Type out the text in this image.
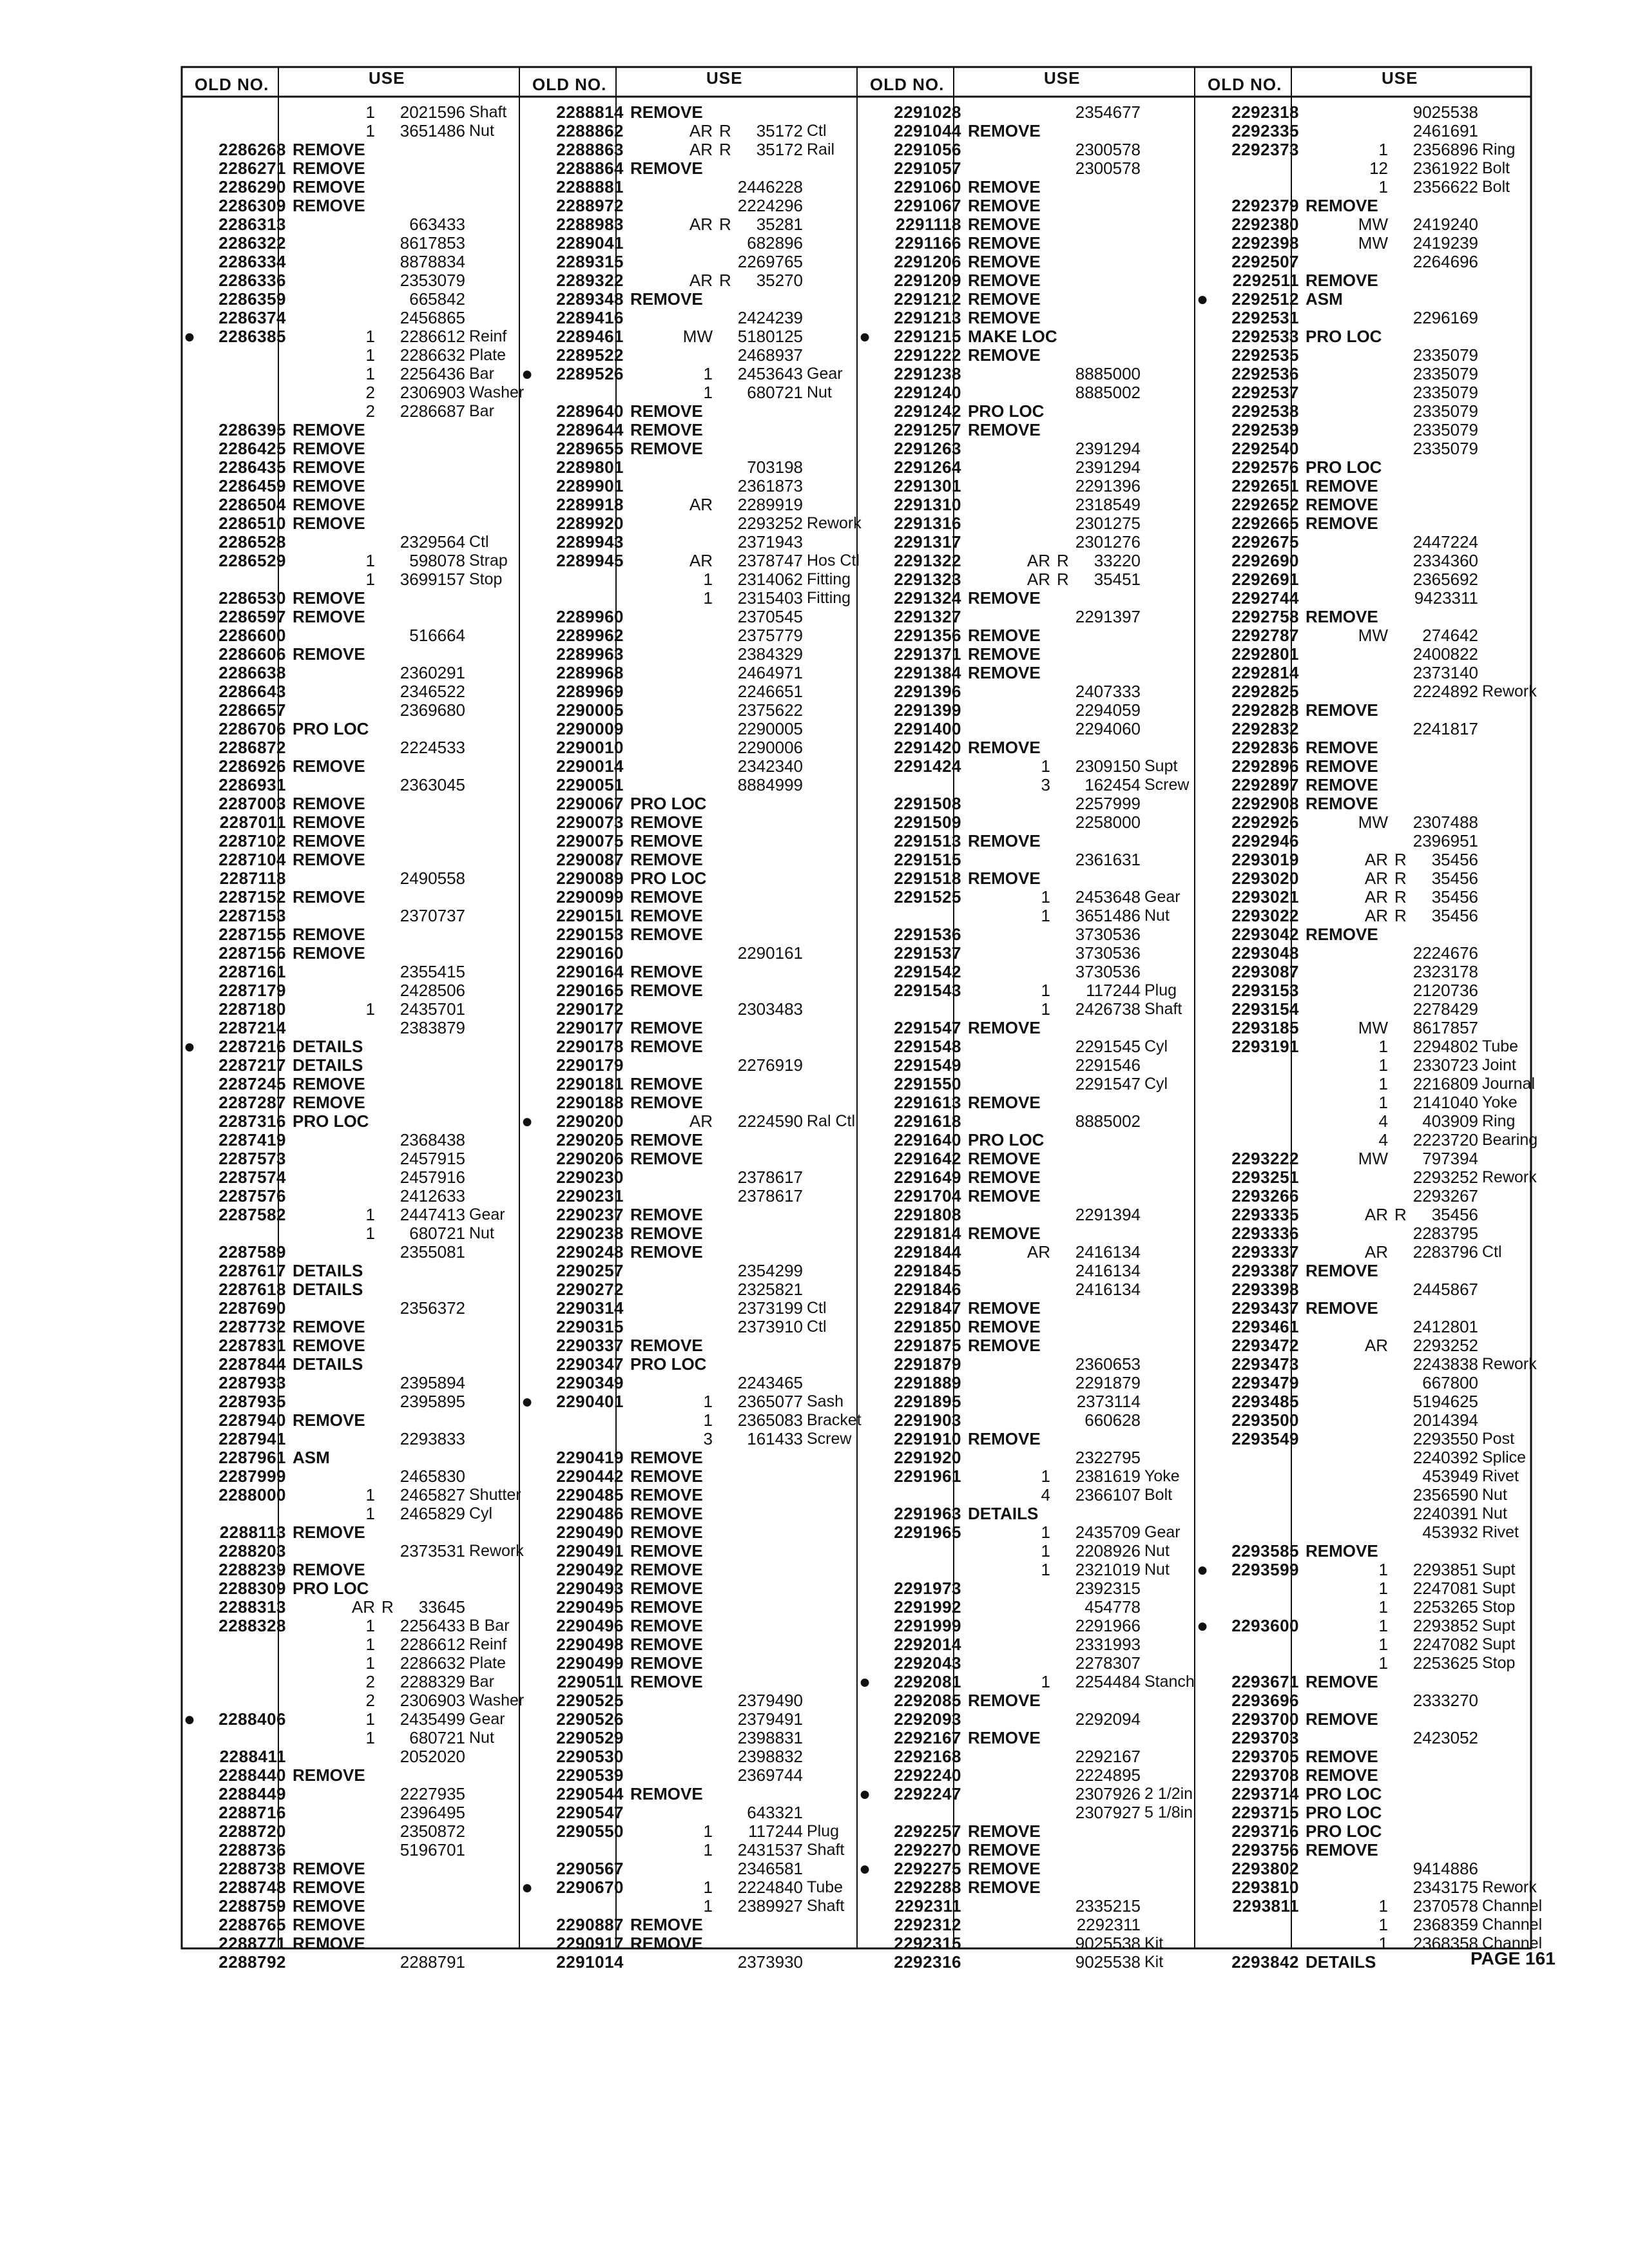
OLD NO.	USE
1	2021596 Shaft
1	3651486 Nut
2286268 REMOVE
2286271 REMOVE
2286290 REMOVE
2286309 REMOVE
2286313	663433
2286322	8617853
2286334	8878834
2286336	2353079
2286359	665842
2286374	2456865
●	2286385	1	2286612 Reinf
1	2286632 Plate
1	2256436 Bar
2	2306903 Washer
2	2286687 Bar
2286395 REMOVE
2286425 REMOVE
2286435 REMOVE
2286459 REMOVE
2286504 REMOVE
2286510 REMOVE
2286528	2329564 Ctl
2286529	1	598078 Strap
1	3699157 Stop
2286530 REMOVE
2286597 REMOVE
2286600	516664
2286606 REMOVE
2286638	2360291
2286643	2346522
2286657	2369680
2286706 PRO LOC
2286872	2224533
2286926 REMOVE
2286931	2363045
2287003 REMOVE
2287011 REMOVE
2287102 REMOVE
2287104 REMOVE
2287118	2490558
2287152 REMOVE
2287153	2370737
2287155 REMOVE
2287156 REMOVE
2287161	2355415
2287179	2428506
2287180	1	2435701
2287214	2383879
●	2287216 DETAILS
2287217 DETAILS
2287245 REMOVE
2287287 REMOVE
2287316 PRO LOC
2287419	2368438
2287573	2457915
2287574	2457916
2287576	2412633
2287582	1	2447413 Gear
1	680721 Nut
2287589	2355081
2287617 DETAILS
2287618 DETAILS
2287690	2356372
2287732 REMOVE
2287831 REMOVE
2287844 DETAILS
2287933	2395894
2287935	2395895
2287940 REMOVE
2287941	2293833
2287961 ASM
2287999	2465830
2288000	1	2465827 Shutter
1	2465829 Cyl
2288113 REMOVE
2288203	2373531 Rework
2288239 REMOVE
2288309 PRO LOC
2288313	AR R	33645
2288328	1	2256433 B Bar
1	2286612 Reinf
1	2286632 Plate
2	2288329 Bar
2	2306903 Washer
●	2288406	1	2435499 Gear
1	680721 Nut
2288411	2052020
2288440 REMOVE
2288449	2227935
2288716	2396495
2288720	2350872
2288736	5196701
2288738 REMOVE
2288748 REMOVE
2288759 REMOVE
2288765 REMOVE
2288771 REMOVE
2288792	2288791
OLD NO.	USE
2288814 REMOVE
2288862	AR R	35172 Ctl
2288863	AR R	35172 Rail
2288864 REMOVE
2288881	2446228
2288972	2224296
2288983	AR R	35281
2289041	682896
2289315	2269765
2289322	AR R	35270
2289348 REMOVE
2289416	2424239
2289461	MW	5180125
2289522	2468937
●	2289526	1	2453643 Gear
1	680721 Nut
2289640 REMOVE
2289644 REMOVE
2289655 REMOVE
2289801	703198
2289901	2361873
2289918	AR	2289919
2289920	2293252 Rework
2289943	2371943
2289945	AR	2378747 Hos Ctl
1	2314062 Fitting
1	2315403 Fitting
2289960	2370545
2289962	2375779
2289963	2384329
2289968	2464971
2289969	2246651
2290005	2375622
2290009	2290005
2290010	2290006
2290014	2342340
2290051	8884999
2290067 PRO LOC
2290073 REMOVE
2290075 REMOVE
2290087 REMOVE
2290089 PRO LOC
2290099 REMOVE
2290151 REMOVE
2290153 REMOVE
2290160	2290161
2290164 REMOVE
2290165 REMOVE
2290172	2303483
2290177 REMOVE
2290178 REMOVE
2290179	2276919
2290181 REMOVE
2290188 REMOVE
●	2290200	AR	2224590 Ral Ctl
2290205 REMOVE
2290206 REMOVE
2290230	2378617
2290231	2378617
2290237 REMOVE
2290238 REMOVE
2290248 REMOVE
2290257	2354299
2290272	2325821
2290314	2373199 Ctl
2290315	2373910 Ctl
2290337 REMOVE
2290347 PRO LOC
2290349	2243465
●	2290401	1	2365077 Sash
1	2365083 Bracket
3	161433 Screw
2290419 REMOVE
2290442 REMOVE
2290485 REMOVE
2290486 REMOVE
2290490 REMOVE
2290491 REMOVE
2290492 REMOVE
2290493 REMOVE
2290495 REMOVE
2290496 REMOVE
2290498 REMOVE
2290499 REMOVE
2290511 REMOVE
2290525	2379490
2290526	2379491
2290529	2398831
2290530	2398832
2290539	2369744
2290544 REMOVE
2290547	643321
2290550	1	117244 Plug
1	2431537 Shaft
2290567	2346581
●	2290670	1	2224840 Tube
1	2389927 Shaft
2290887 REMOVE
2290917 REMOVE
2291014	2373930
OLD NO.	USE
2291028	2354677
2291044 REMOVE
2291056	2300578
2291057	2300578
2291060 REMOVE
2291067 REMOVE
2291118 REMOVE
2291166 REMOVE
2291206 REMOVE
2291209 REMOVE
2291212 REMOVE
2291213 REMOVE
●	2291215 MAKE LOC
2291222 REMOVE
2291238	8885000
2291240	8885002
2291242 PRO LOC
2291257 REMOVE
2291263	2391294
2291264	2391294
2291301	2291396
2291310	2318549
2291316	2301275
2291317	2301276
2291322	AR R	33220
2291323	AR R	35451
2291324 REMOVE
2291327	2291397
2291356 REMOVE
2291371 REMOVE
2291384 REMOVE
2291396	2407333
2291399	2294059
2291400	2294060
2291420 REMOVE
2291424	1	2309150 Supt
3	162454 Screw
2291508	2257999
2291509	2258000
2291513 REMOVE
2291515	2361631
2291518 REMOVE
2291525	1	2453648 Gear
1	3651486 Nut
2291536	3730536
2291537	3730536
2291542	3730536
2291543	1	117244 Plug
1	2426738 Shaft
2291547 REMOVE
2291548	2291545 Cyl
2291549	2291546
2291550	2291547 Cyl
2291613 REMOVE
2291618	8885002
2291640 PRO LOC
2291642 REMOVE
2291649 REMOVE
2291704 REMOVE
2291808	2291394
2291814 REMOVE
2291844	AR	2416134
2291845	2416134
2291846	2416134
2291847 REMOVE
2291850 REMOVE
2291875 REMOVE
2291879	2360653
2291889	2291879
2291895	2373114
2291903	660628
2291910 REMOVE
2291920	2322795
2291961	1	2381619 Yoke
4	2366107 Bolt
2291963 DETAILS
2291965	1	2435709 Gear
1	2208926 Nut
1	2321019 Nut
2291973	2392315
2291992	454778
2291999	2291966
2292014	2331993
2292043	2278307
●	2292081	1	2254484 Stanch
2292085 REMOVE
2292093	2292094
2292167 REMOVE
2292168	2292167
2292240	2224895
●	2292247	2307926 2 1/2in
2307927 5 1/8in
2292257 REMOVE
2292270 REMOVE
●	2292275 REMOVE
2292288 REMOVE
2292311	2335215
2292312	2292311
2292315	9025538 Kit
2292316	9025538 Kit
OLD NO.	USE
2292318	9025538
2292335	2461691
2292373	1	2356896 Ring
12	2361922 Bolt
1	2356622 Bolt
2292379 REMOVE
2292380	MW	2419240
2292398	MW	2419239
2292507	2264696
2292511 REMOVE
●	2292512 ASM
2292531	2296169
2292533 PRO LOC
2292535	2335079
2292536	2335079
2292537	2335079
2292538	2335079
2292539	2335079
2292540	2335079
2292576 PRO LOC
2292651 REMOVE
2292652 REMOVE
2292665 REMOVE
2292675	2447224
2292690	2334360
2292691	2365692
2292744	9423311
2292758 REMOVE
2292787	MW	274642
2292801	2400822
2292814	2373140
2292825	2224892 Rework
2292828 REMOVE
2292832	2241817
2292836 REMOVE
2292896 REMOVE
2292897 REMOVE
2292908 REMOVE
2292926	MW	2307488
2292946	2396951
2293019	AR R	35456
2293020	AR R	35456
2293021	AR R	35456
2293022	AR R	35456
2293042 REMOVE
2293048	2224676
2293087	2323178
2293153	2120736
2293154	2278429
2293185	MW	8617857
2293191	1	2294802 Tube
1	2330723 Joint
1	2216809 Journal
1	2141040 Yoke
4	403909 Ring
4	2223720 Bearing
2293222	MW	797394
2293251	2293252 Rework
2293266	2293267
2293335	AR R	35456
2293336	2283795
2293337	AR	2283796 Ctl
2293387 REMOVE
2293398	2445867
2293437 REMOVE
2293461	2412801
2293472	AR	2293252
2293473	2243838 Rework
2293479	667800
2293485	5194625
2293500	2014394
2293549	2293550 Post
2240392 Splice
453949 Rivet
2356590 Nut
2240391 Nut
453932 Rivet
2293585 REMOVE
●	2293599	1	2293851 Supt
1	2247081 Supt
1	2253265 Stop
●	2293600	1	2293852 Supt
1	2247082 Supt
1	2253625 Stop
2293671 REMOVE
2293696	2333270
2293700 REMOVE
2293703	2423052
2293705 REMOVE
2293708 REMOVE
2293714 PRO LOC
2293715 PRO LOC
2293716 PRO LOC
2293756 REMOVE
2293802	9414886
2293810	2343175 Rework
2293811	1	2370578 Channel
1	2368359 Channel
1	2368358 Channel
2293842 DETAILS	PAGE 161
